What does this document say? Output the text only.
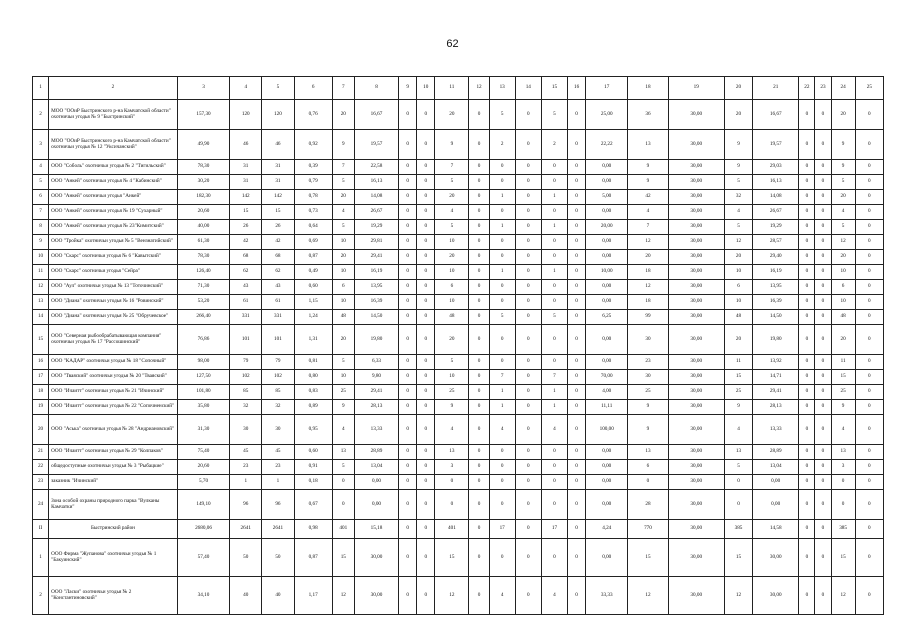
62
1	2	3	4	5	6	7	8	9	10	11	12	13	14	15	16	17	18	19	20	21	22	23	24	25
2	МОО "ООиР Быстринского р-на Камчатской области" охотничьи угодья № 9 "Быстринский"	157,30	120	120	0,76	20	16,67	0	0	20	0	5	0	5	0	25,00	36	30,00	20	16,67	0	0	20	0
3	МОО "ООиР Быстринского р-на Камчатской области" охотничьи угодья № 12 "Уксичанский"	49,90	46	46	0,92	9	19,57	0	0	9	0	2	0	2	0	22,22	13	30,00	9	19,57	0	0	9	0
4	ООО "Соболь" охотничьи угодья № 2 "Тигильский"	78,30	31	31	0,39	7	22,58	0	0	7	0	0	0	0	0	0,00	9	30,00	9	29,03	0	0	9	0
5	ООО "Анкей" охотничьи угодья № 4 "Кабинский"	30,20	31	31	0,79	5	16,13	0	0	5	0	0	0	0	0	0,00	9	30,00	5	16,13	0	0	5	0
6	ООО "Анкей" охотничьи угодья "Анкей"	182,30	142	142	0,78	20	14,08	0	0	20	0	1	0	1	0	5,00	42	30,00	32	14,08	0	0	20	0
7	ООО "Анкей" охотничьи угодья № 19 "Сухарный"	20,60	15	15	0,73	4	26,67	0	0	4	0	0	0	0	0	0,00	4	30,00	4	26,67	0	0	4	0
8	ООО "Анкей" охотничьи угодья № 23"Кимитский"	40,00	26	26	0,64	5	19,29	0	0	5	0	1	0	1	0	20,00	7	30,00	5	19,29	0	0	5	0
9	ООО "Тройка" охотничьи угодья № 5 "Вензнатийский"	61,30	42	42	0,69	10	29,81	0	0	10	0	0	0	0	0	0,00	12	30,00	12	28,57	0	0	12	0
10	ООО "Скарс" охотничьи угодья № 6 "Кавытский"	78,30	68	68	0,87	20	29,41	0	0	20	0	0	0	0	0	0,00	20	30,00	20	29,40	0	0	20	0
11	ООО "Скарс" охотничьи угодья "Сейра"	126,40	62	62	0,49	10	16,19	0	0	10	0	1	0	1	0	10,00	18	30,00	10	16,19	0	0	10	0
12	ООО "Аул" охотничьи угодья № 13 "Тоточинский"	71,30	43	43	0,60	6	13,95	0	0	6	0	0	0	0	0	0,00	12	30,00	6	13,95	0	0	6	0
13	ООО "Диана" охотничьи угодья № 16 "Ровинский"	53,20	61	61	1,15	10	16,39	0	0	10	0	0	0	0	0	0,00	18	30,00	10	16,39	0	0	10	0
14	ООО "Диана" охотничьи угодья № 25 "Обручевское"	266,40	331	331	1,24	48	14,50	0	0	48	0	5	0	5	0	6,25	99	30,00	48	14,50	0	0	48	0
15	ООО "Северная рыбообрабатывающая компания" охотничьи угодья № 17 "Рассошинский"	76,86	101	101	1,31	20	19,80	0	0	20	0	0	0	0	0	0,00	30	30,00	20	19,80	0	0	20	0
16	ООО "КАДАР" охотничьи угодья № 18 "Сопочный"	98,00	79	79	0,81	5	6,33	0	0	5	0	0	0	0	0	0,00	23	30,00	11	13,92	0	0	11	0
17	ООО "Тваяский" охотничьи угодья № 20 "Тваяский"	127,50	102	102	0,80	10	9,80	0	0	10	0	7	0	7	0	70,00	30	30,00	15	14,71	0	0	15	0
18	ООО "Ичаитт" охотничьи угодья № 21 "Ичинский"	101,80	85	85	0,83	25	29,41	0	0	25	0	1	0	1	0	4,00	25	30,00	25	29,41	0	0	25	0
19	ООО "Ичаитт" охотничьи угодья № 22 "Сопочненский"	35,80	32	32	0,89	9	28,13	0	0	9	0	1	0	1	0	11,11	9	30,00	9	28,13	0	0	9	0
20	ООО "Аська" охотничьи угодья № 28 "Андриановский"	31,30	30	30	0,95	4	13,33	0	0	4	0	4	0	4	0	100,00	9	30,00	4	13,33	0	0	4	0
21	ООО "Ичаитт" охотничьи угодья № 29 "Колпаков"	75,40	45	45	0,60	13	28,89	0	0	13	0	0	0	0	0	0,00	13	30,00	13	28,89	0	0	13	0
22	общедоступные охотничьи угодья № 3 "Рыбацкие"	20,60	23	23	0,91	5	13,04	0	0	3	0	0	0	0	0	0,00	6	30,00	5	13,04	0	0	3	0
23	заказник "Ичинский"	5,70	1	1	0,18	0	0,00	0	0	0	0	0	0	0	0	0,00	0	30,00	0	0,00	0	0	0	0
24	Зона особой охраны природного парка "Вулканы Камчатки"	149,10	96	96	0,67	0	0,00	0	0	0	0	0	0	0	0	0,00	28	30,00	0	0,00	0	0	0	0
II	Быстринский район	2680,06	2641	2641	0,98	401	15,18	0	0	401	0	17	0	17	0	4,24	770	30,00	385	14,58	0	0	385	0
1	ООО Фирма "Жупанова" охотничьи угодья № 1 "Бакуинский"	57,40	50	50	0,87	15	30,00	0	0	15	0	0	0	0	0	0,00	15	30,00	15	30,00	0	0	15	0
2	ООО "Ласки" охотничьи угодья № 2 "Константиновский"	34,10	40	40	1,17	12	30,00	0	0	12	0	4	0	4	0	33,33	12	30,00	12	30,00	0	0	12	0
